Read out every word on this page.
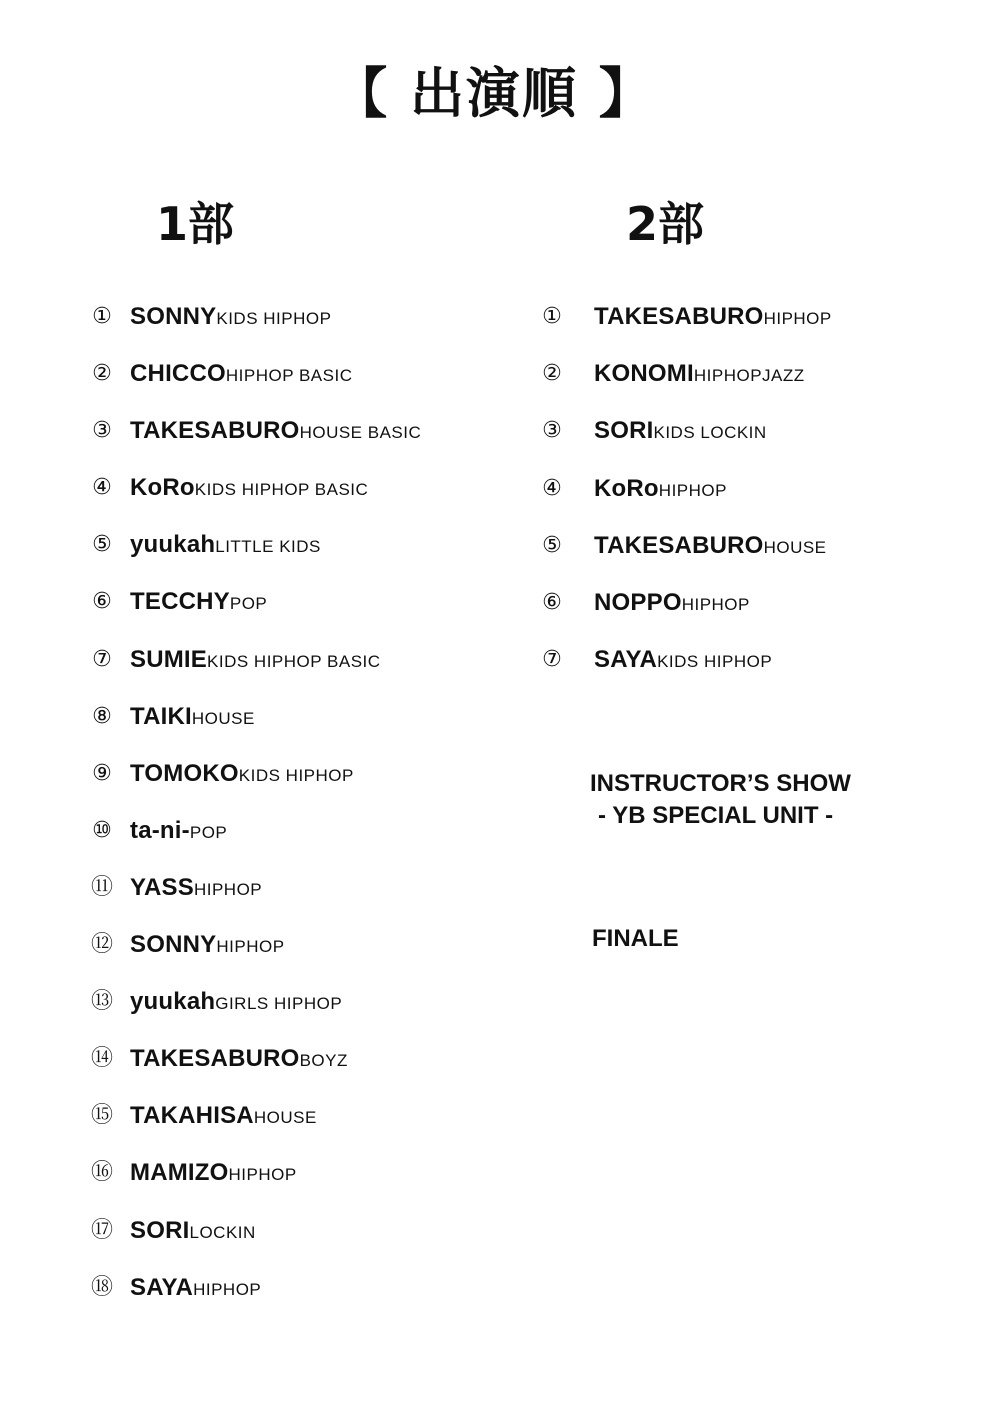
【 出演順 】
1部	2部
① SONNYKIDS HIPHOP
② CHICCOHIPHOP BASIC
③ TAKESABUROHOUSE BASIC
④ KoRoKIDS HIPHOP BASIC
⑤ yuukahLITTLE KIDS
⑥ TECCHYPOP
⑦ SUMIEKIDS HIPHOP BASIC
⑧ TAIKIHOUSE
⑨ TOMOKOKIDS HIPHOP
⑩ ta-ni-POP
⑪ YASSHIPHOP
⑫ SONNYHIPHOP
⑬ yuukahGIRLS HIPHOP
⑭ TAKESABUROBOYZ
⑮ TAKAHISAHOUSE
⑯ MAMIZOHIPHOP
⑰ SORILOCKIN
⑱ SAYAHIPHOP
① TAKESABUROHIPHOP
② KONOMIHIPHOPJAZZ
③ SORIKIDS LOCKIN
④ KoRoHIPHOP
⑤ TAKESABUROHOUSE
⑥ NOPPOHIPHOP
⑦ SAYAKIDS HIPHOP

INSTRUCTOR’S SHOW
- YB SPECIAL UNIT -

FINALE
